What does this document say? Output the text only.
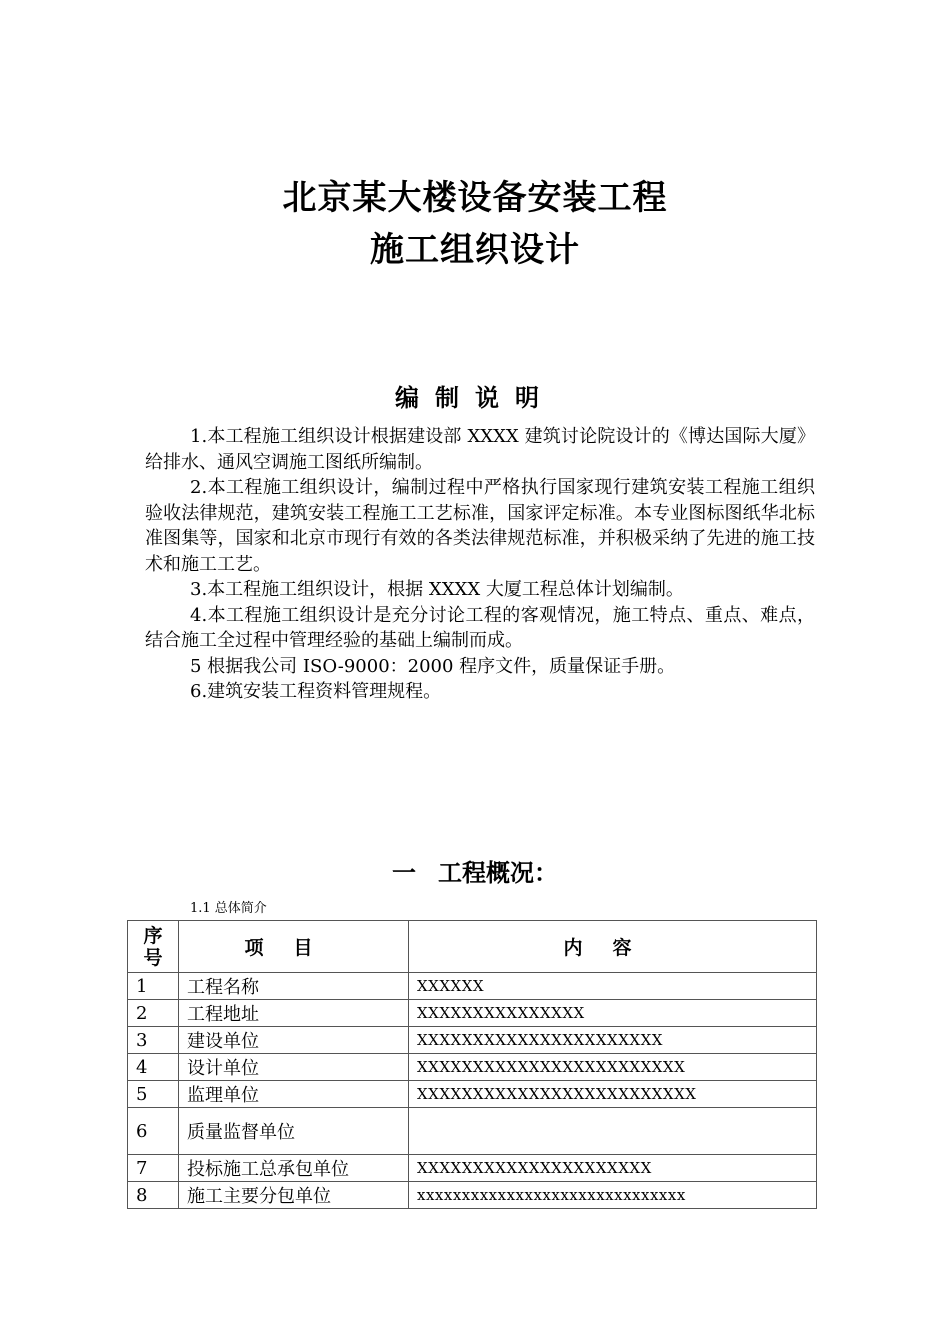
北京某大楼设备安装工程
施工组织设计
编制说明

1.本工程施工组织设计根据建设部 XXXX 建筑讨论院设计的《博达国际大厦》给排水、通风空调施工图纸所编制。

2.本工程施工组织设计，编制过程中严格执行国家现行建筑安装工程施工组织验收法律规范，建筑安装工程施工工艺标准，国家评定标准。本专业图标图纸华北标准图集等，国家和北京市现行有效的各类法律规范标准，并积极采纳了先进的施工技术和施工工艺。

3.本工程施工组织设计，根据 XXXX 大厦工程总体计划编制。

4.本工程施工组织设计是充分讨论工程的客观情况，施工特点、重点、难点，结合施工全过程中管理经验的基础上编制而成。

5 根据我公司 ISO-9000：2000 程序文件，质量保证手册。

6.建筑安装工程资料管理规程。

一 工程概况：
1.1 总体简介
序
号	项目	内容
1	工程名称	XXXXXX
2	工程地址	XXXXXXXXXXXXXXX
3	建设单位	XXXXXXXXXXXXXXXXXXXXXX
4	设计单位	XXXXXXXXXXXXXXXXXXXXXXXX
5	监理单位	XXXXXXXXXXXXXXXXXXXXXXXXX
6	质量监督单位	
7	投标施工总承包单位	XXXXXXXXXXXXXXXXXXXXX
8	施工主要分包单位	xxxxxxxxxxxxxxxxxxxxxxxxxxxxxx
